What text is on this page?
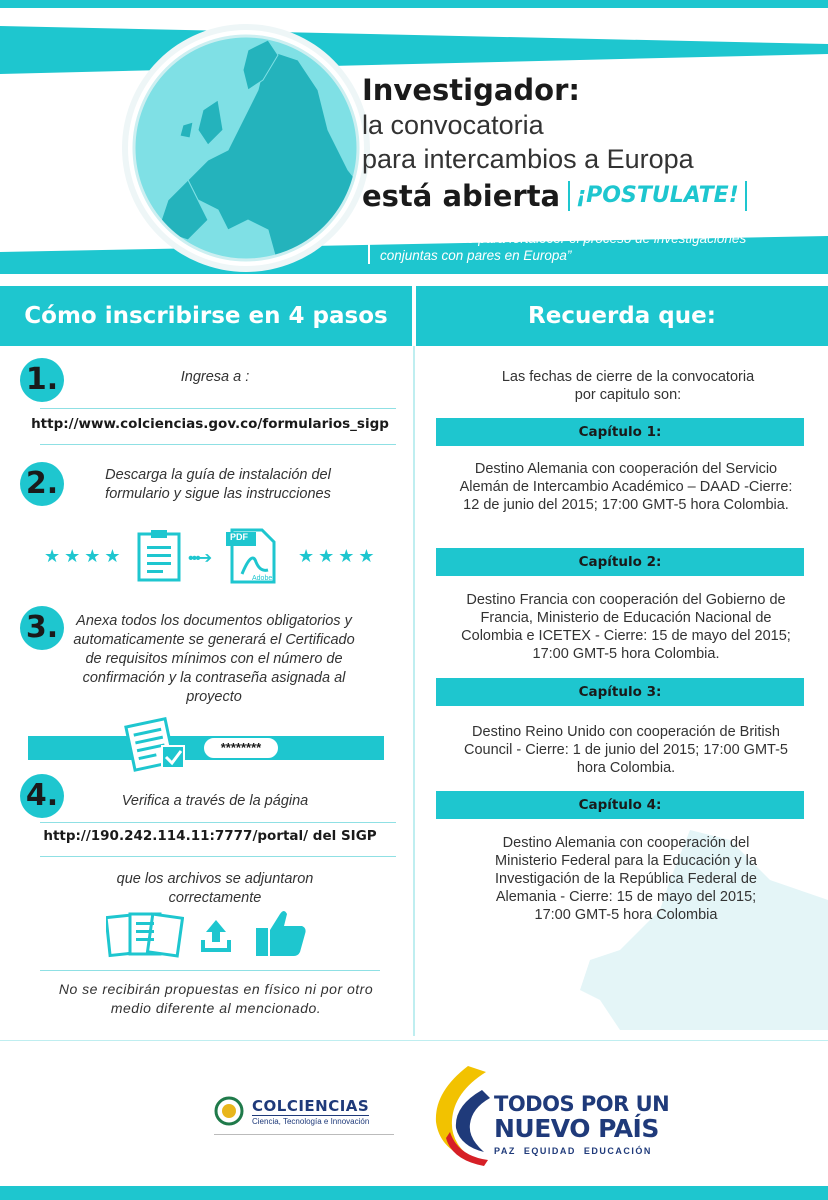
Investigador:
la convocatoria
para intercambios a Europa
está abierta ¡POSTULATE!
“Es el momento para fortalecer el proceso de investigaciones conjuntas con pares en Europa”
Cómo inscribirse en 4 pasos	Recuerda que:
1.	Ingresa a :
http://www.colciencias.gov.co/formularios_sigp
2.	Descarga la guía de instalación del formulario y sigue las instrucciones
★★★★	•••➔
PDF
Adobe
★★★★
3.	Anexa todos los documentos obligatorios y automaticamente se generará el Certificado de requisitos mínimos con el número de confirmación y la contraseña asignada al proyecto
********
4.	Verifica a través de la página
http://190.242.114.11:7777/portal/ del SIGP
que los archivos se adjuntaron correctamente
No se recibirán propuestas en físico ni por otro medio diferente al mencionado.
Las fechas de cierre de la convocatoria por capitulo son:
Capítulo 1:
Destino Alemania con cooperación del Servicio Alemán de Intercambio Académico – DAAD -Cierre: 12 de junio del 2015; 17:00 GMT-5 hora Colombia.
Capítulo 2:
Destino Francia con cooperación del Gobierno de Francia, Ministerio de Educación Nacional de Colombia e ICETEX - Cierre: 15 de mayo del 2015; 17:00 GMT-5 hora Colombia.
Capítulo 3:
Destino Reino Unido con cooperación de British Council - Cierre: 1 de junio del 2015; 17:00 GMT-5 hora Colombia.
Capítulo 4:
Destino Alemania con cooperación del Ministerio Federal para la Educación y la Investigación de la República Federal de Alemania - Cierre: 15 de mayo del 2015; 17:00 GMT-5 hora Colombia
COLCIENCIAS
Ciencia, Tecnología e Innovación
TODOS POR UN
NUEVO PAÍS
PAZ  EQUIDAD  EDUCACIÓN
